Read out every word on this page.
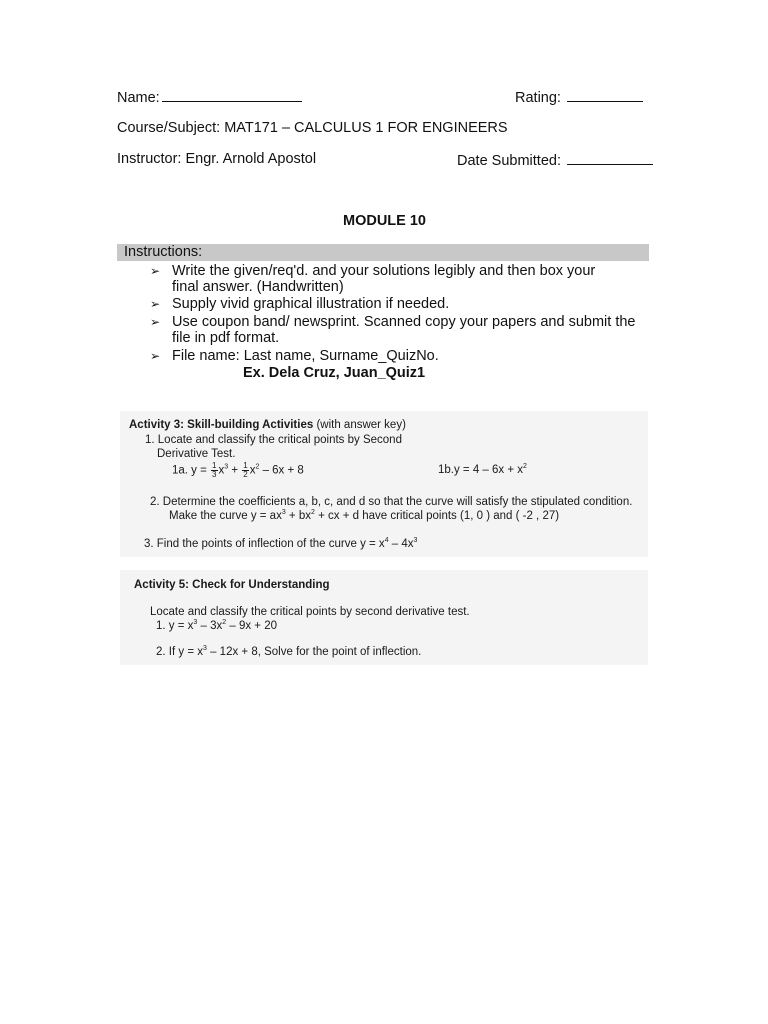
Name:	Rating:
Course/Subject: MAT171 – CALCULUS 1 FOR ENGINEERS
Instructor: Engr. Arnold Apostol	Date Submitted:
MODULE 10
Instructions:
➢ Write the given/req'd. and your solutions legibly and then box your
final answer. (Handwritten)
➢ Supply vivid graphical illustration if needed.
➢ Use coupon band/ newsprint. Scanned copy your papers and submit the
file in pdf format.
➢ File name: Last name, Surname_QuizNo.
Ex. Dela Cruz, Juan_Quiz1
Activity 3: Skill-building Activities (with answer key)
1. Locate and classify the critical points by Second
Derivative Test.
1a. $y = \frac{1}{3} x^3 + \frac{1}{2} x^2 - 6x + 8$	$1b.y = 4 - 6x + x^2$
2. Determine the coefficients a, b, c, and d so that the curve will satisfy the stipulated condition.
Make the curve $y = ax^3 + bx^2$ + cx + d have critical points (1, 0 ) and ( -2 , 27)
3. Find the points of inflection of the curve $y = x^4 - 4x^3$
Activity 5: Check for Understanding
Locate and classify the critical points by second derivative test.
1. $y = x^3 - 3x^2 - 9x + 20$
2. If $y = x^3 - 12x + 8$, Solve for the point of inflection.
